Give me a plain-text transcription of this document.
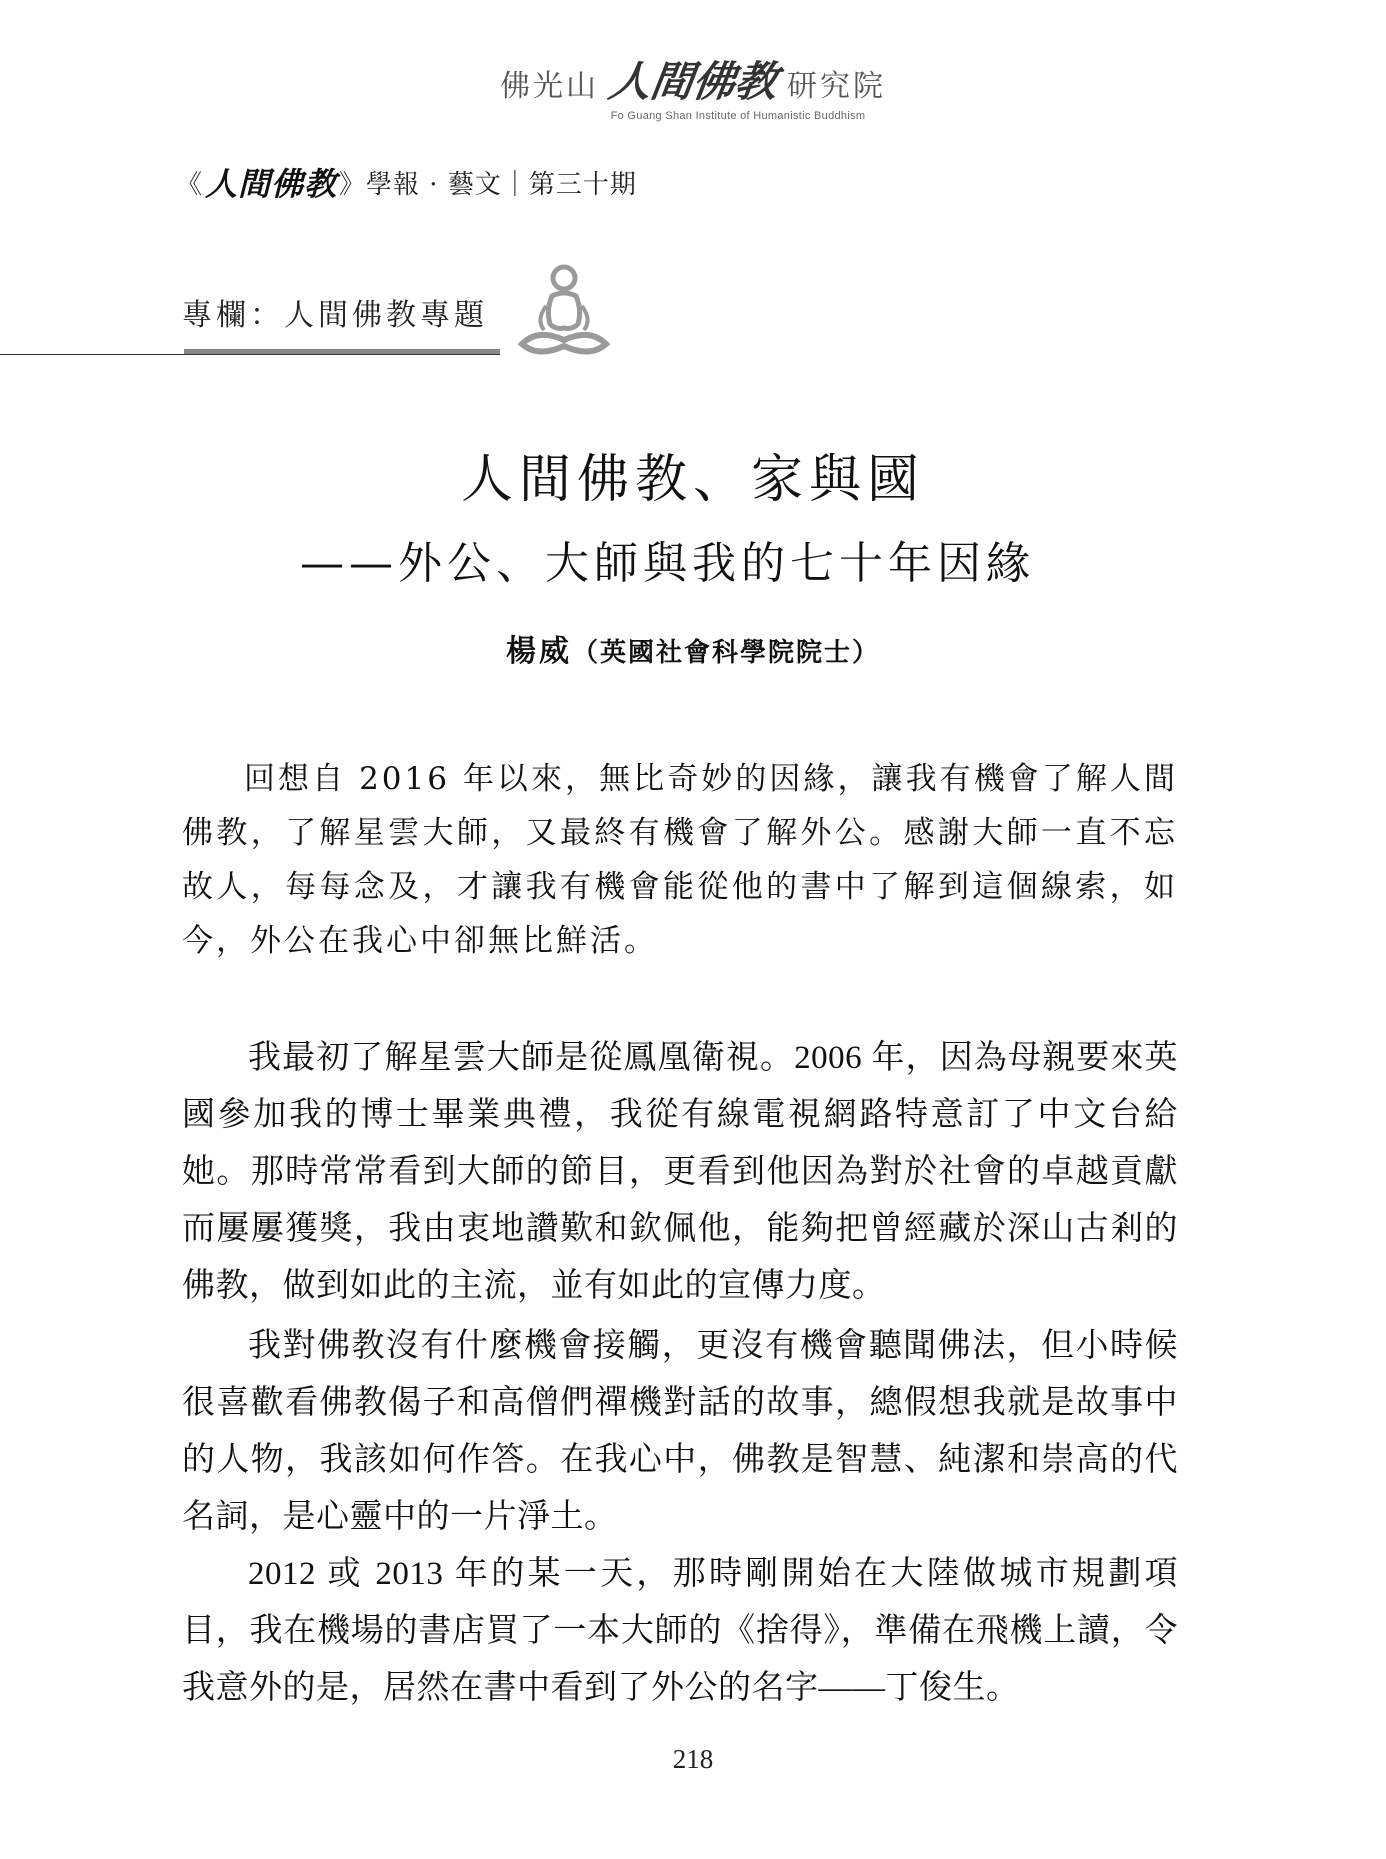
佛光山 人間佛教 研究院
Fo Guang Shan Institute of Humanistic Buddhism
《 人間佛教 》 學報 · 藝文｜第三十期
專欄：人間佛教專題
人間佛教、家與國
——外公、大師與我的七十年因緣
楊威（英國社會科學院院士）

回想自 2016 年以來，無比奇妙的因緣，讓我有機會了解人間佛教，了解星雲大師，又最終有機會了解外公。感謝大師一直不忘故人，每每念及，才讓我有機會能從他的書中了解到這個線索，如今，外公在我心中卻無比鮮活。

我最初了解星雲大師是從鳳凰衛視。2006 年，因為母親要來英國參加我的博士畢業典禮，我從有線電視網路特意訂了中文台給她。那時常常看到大師的節目，更看到他因為對於社會的卓越貢獻而屢屢獲獎，我由衷地讚歎和欽佩他，能夠把曾經藏於深山古剎的佛教，做到如此的主流，並有如此的宣傳力度。

我對佛教沒有什麼機會接觸，更沒有機會聽聞佛法，但小時候很喜歡看佛教偈子和高僧們禪機對話的故事，總假想我就是故事中的人物，我該如何作答。在我心中，佛教是智慧、純潔和崇高的代名詞，是心靈中的一片淨土。

2012 或 2013 年的某一天，那時剛開始在大陸做城市規劃項目，我在機場的書店買了一本大師的《捨得》，準備在飛機上讀，令我意外的是，居然在書中看到了外公的名字——丁俊生。

218
